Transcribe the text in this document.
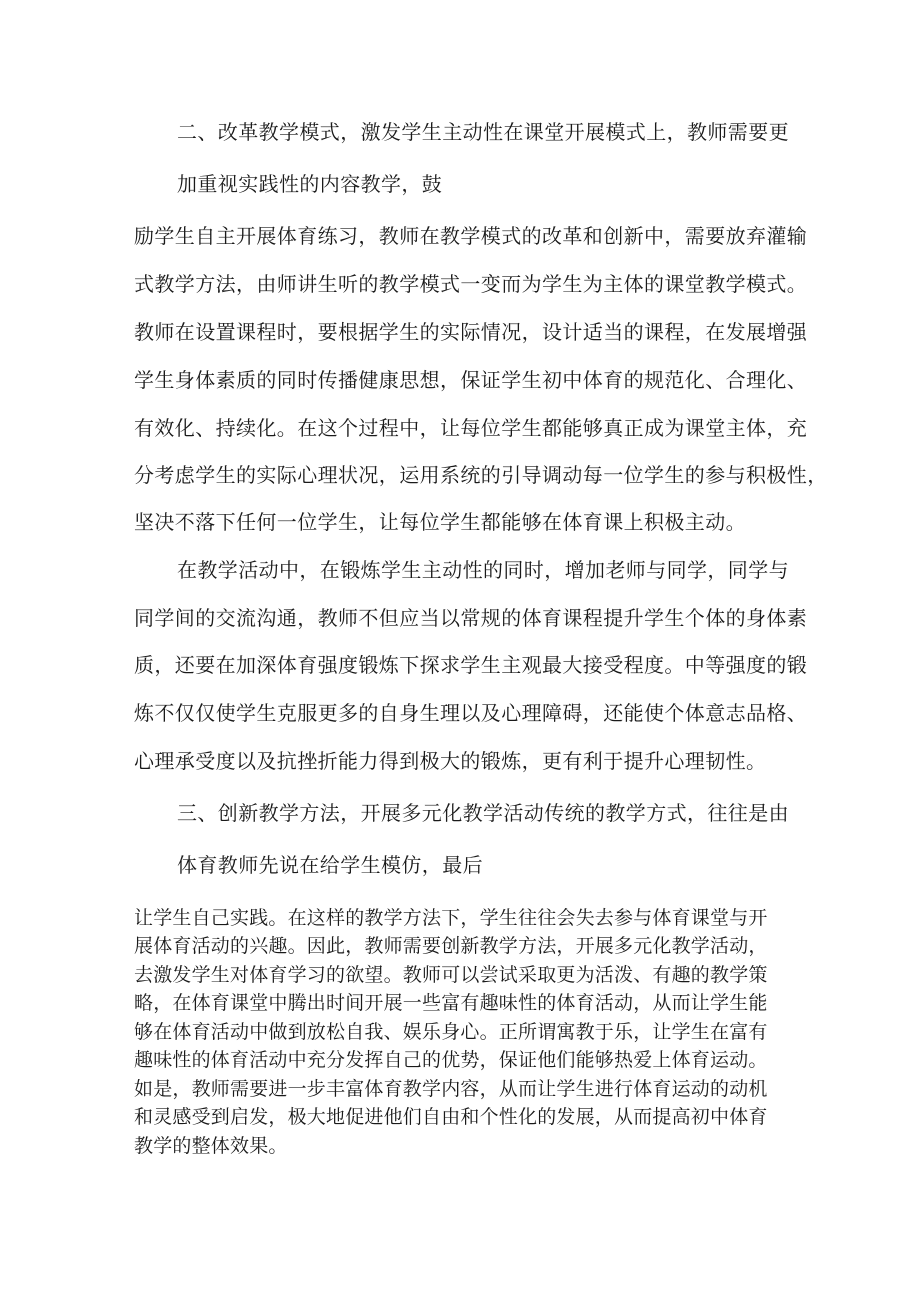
二、改革教学模式，激发学生主动性在课堂开展模式上，教师需要更
加重视实践性的内容教学，鼓
励学生自主开展体育练习，教师在教学模式的改革和创新中，需要放弃灌输
式教学方法，由师讲生听的教学模式一变而为学生为主体的课堂教学模式。
教师在设置课程时，要根据学生的实际情况，设计适当的课程，在发展增强
学生身体素质的同时传播健康思想，保证学生初中体育的规范化、合理化、
有效化、持续化。在这个过程中，让每位学生都能够真正成为课堂主体，充
分考虑学生的实际心理状况，运用系统的引导调动每一位学生的参与积极性，
坚决不落下任何一位学生，让每位学生都能够在体育课上积极主动。
在教学活动中，在锻炼学生主动性的同时，增加老师与同学，同学与
同学间的交流沟通，教师不但应当以常规的体育课程提升学生个体的身体素
质，还要在加深体育强度锻炼下探求学生主观最大接受程度。中等强度的锻
炼不仅仅使学生克服更多的自身生理以及心理障碍，还能使个体意志品格、
心理承受度以及抗挫折能力得到极大的锻炼，更有利于提升心理韧性。
三、创新教学方法，开展多元化教学活动传统的教学方式，往往是由
体育教师先说在给学生模仿，最后
让学生自己实践。在这样的教学方法下，学生往往会失去参与体育课堂与开
展体育活动的兴趣。因此，教师需要创新教学方法，开展多元化教学活动，
去激发学生对体育学习的欲望。教师可以尝试采取更为活泼、有趣的教学策
略，在体育课堂中腾出时间开展一些富有趣味性的体育活动，从而让学生能
够在体育活动中做到放松自我、娱乐身心。正所谓寓教于乐，让学生在富有
趣味性的体育活动中充分发挥自己的优势，保证他们能够热爱上体育运动。
如是，教师需要进一步丰富体育教学内容，从而让学生进行体育运动的动机
和灵感受到启发，极大地促进他们自由和个性化的发展，从而提高初中体育
教学的整体效果。
